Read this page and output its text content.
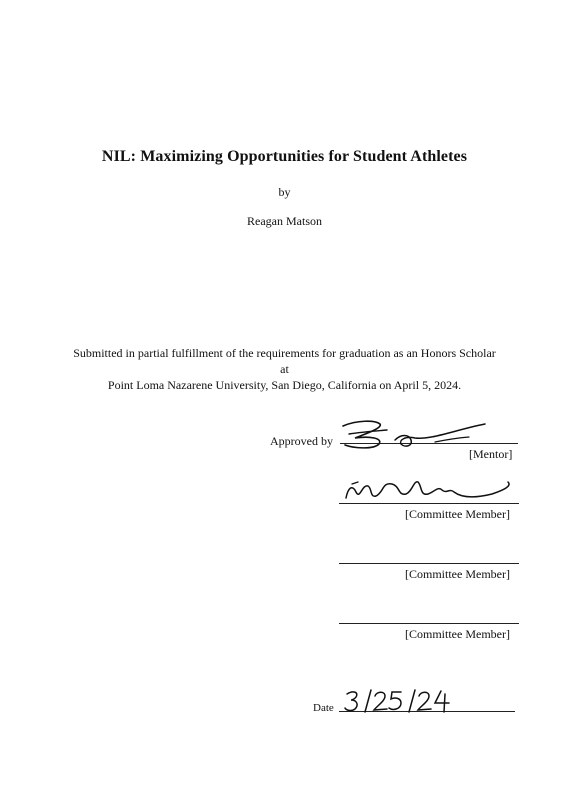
NIL: Maximizing Opportunities for Student Athletes
by
Reagan Matson
Submitted in partial fulfillment of the requirements for graduation as an Honors Scholar
at
Point Loma Nazarene University, San Diego, California on April 5, 2024.
Approved by
[Mentor]
[Committee Member]
[Committee Member]
[Committee Member]
Date
